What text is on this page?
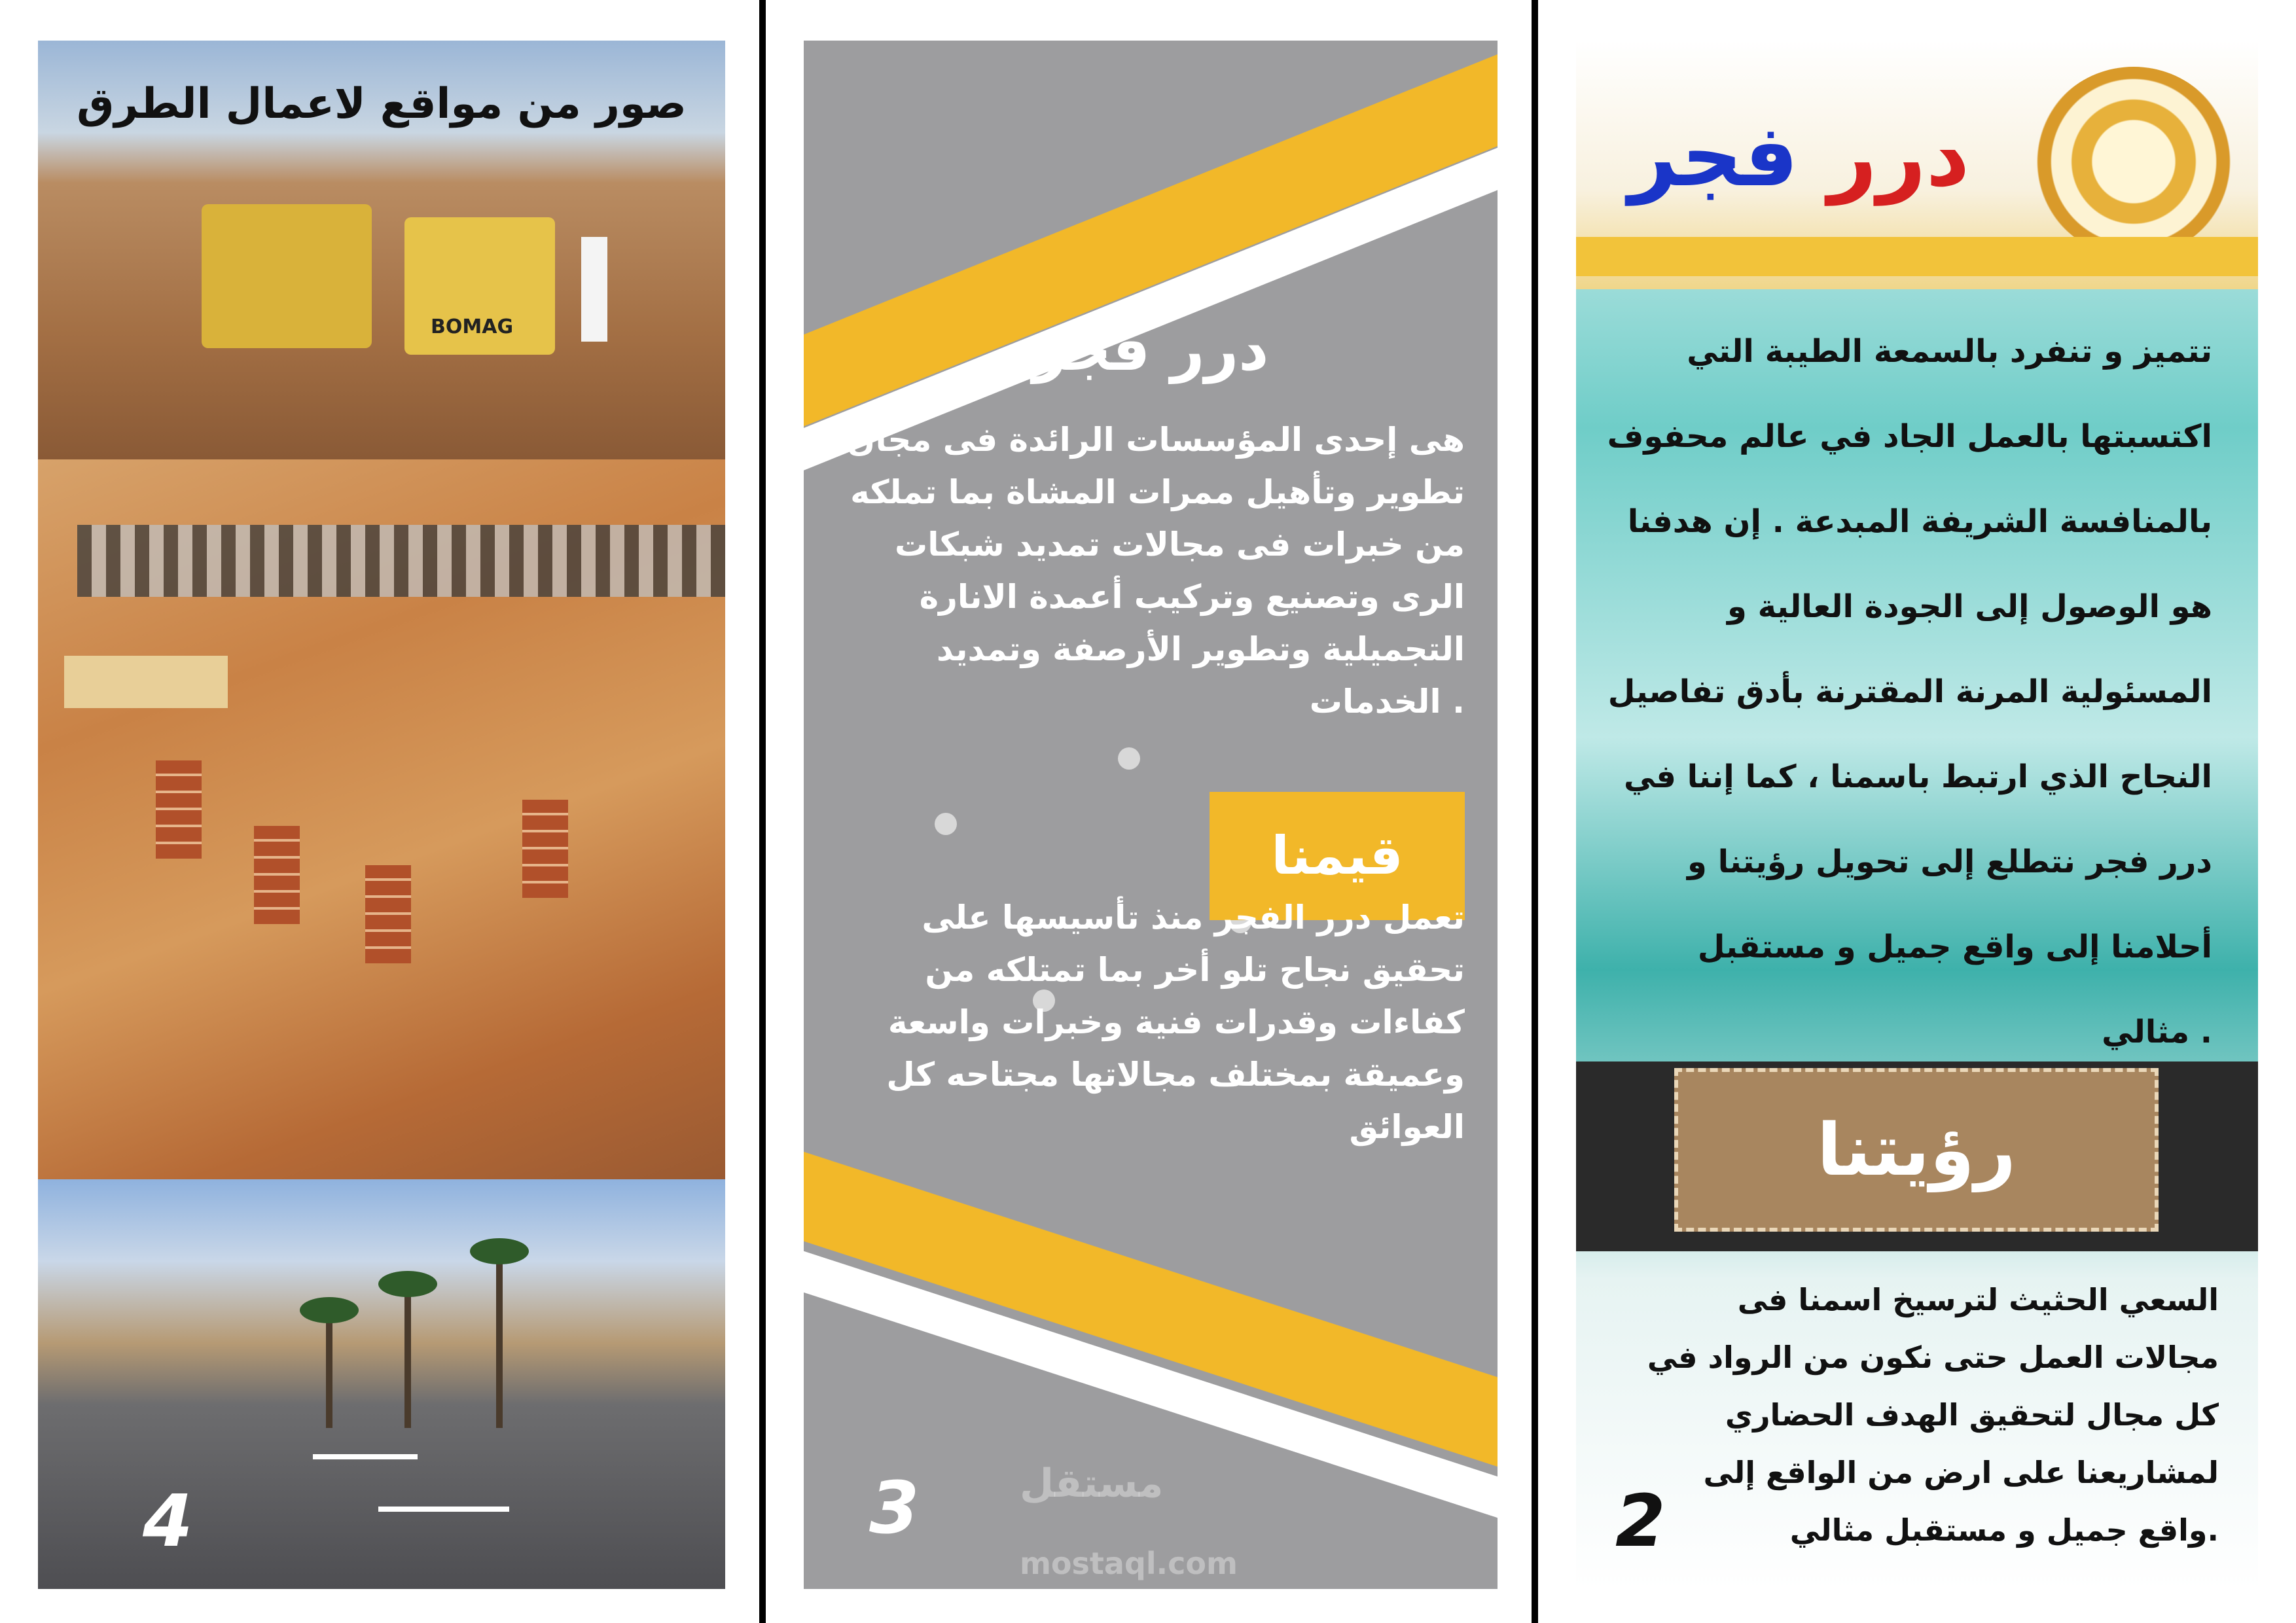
BOMAG
صور من مواقع لاعمال الطرق
4
درر فجر
هى إحدى المؤسسات الرائدة فى مجال تطوير وتأهيل ممرات المشاة بما تملكه من خبرات فى مجالات تمديد شبكات الرى وتصنيع وتركيب أعمدة الانارة التجميلية وتطوير الأرصفة وتمديد الخدمات .
قيمنا
تعمل درر الفجر منذ تأسيسها على تحقيق نجاح تلو أخر بما تمتلكه من كفاءات وقدرات فنية وخبرات واسعة وعميقة بمختلف مجالاتها مجتاحه كل العوائق
مستقل
mostaql.com
3
درر فجر
تتميز و تنفرد بالسمعة الطيبة التي اكتسبتها بالعمل الجاد في عالم محفوف بالمنافسة الشريفة المبدعة . إن هدفنا هو الوصول إلى الجودة العالية و المسئولية المرنة المقترنة بأدق تفاصيل النجاح الذي ارتبط باسمنا ، كما إننا في درر فجر نتطلع إلى تحويل رؤيتنا و أحلامنا إلى واقع جميل و مستقبل مثالي .
رؤيتنا
السعي الحثيث لترسيخ اسمنا فى مجالات العمل حتى نكون من الرواد في كل مجال لتحقيق الهدف الحضاري لمشاريعنا على ارض من الواقع إلى واقع جميل و مستقبل مثالي.
2
